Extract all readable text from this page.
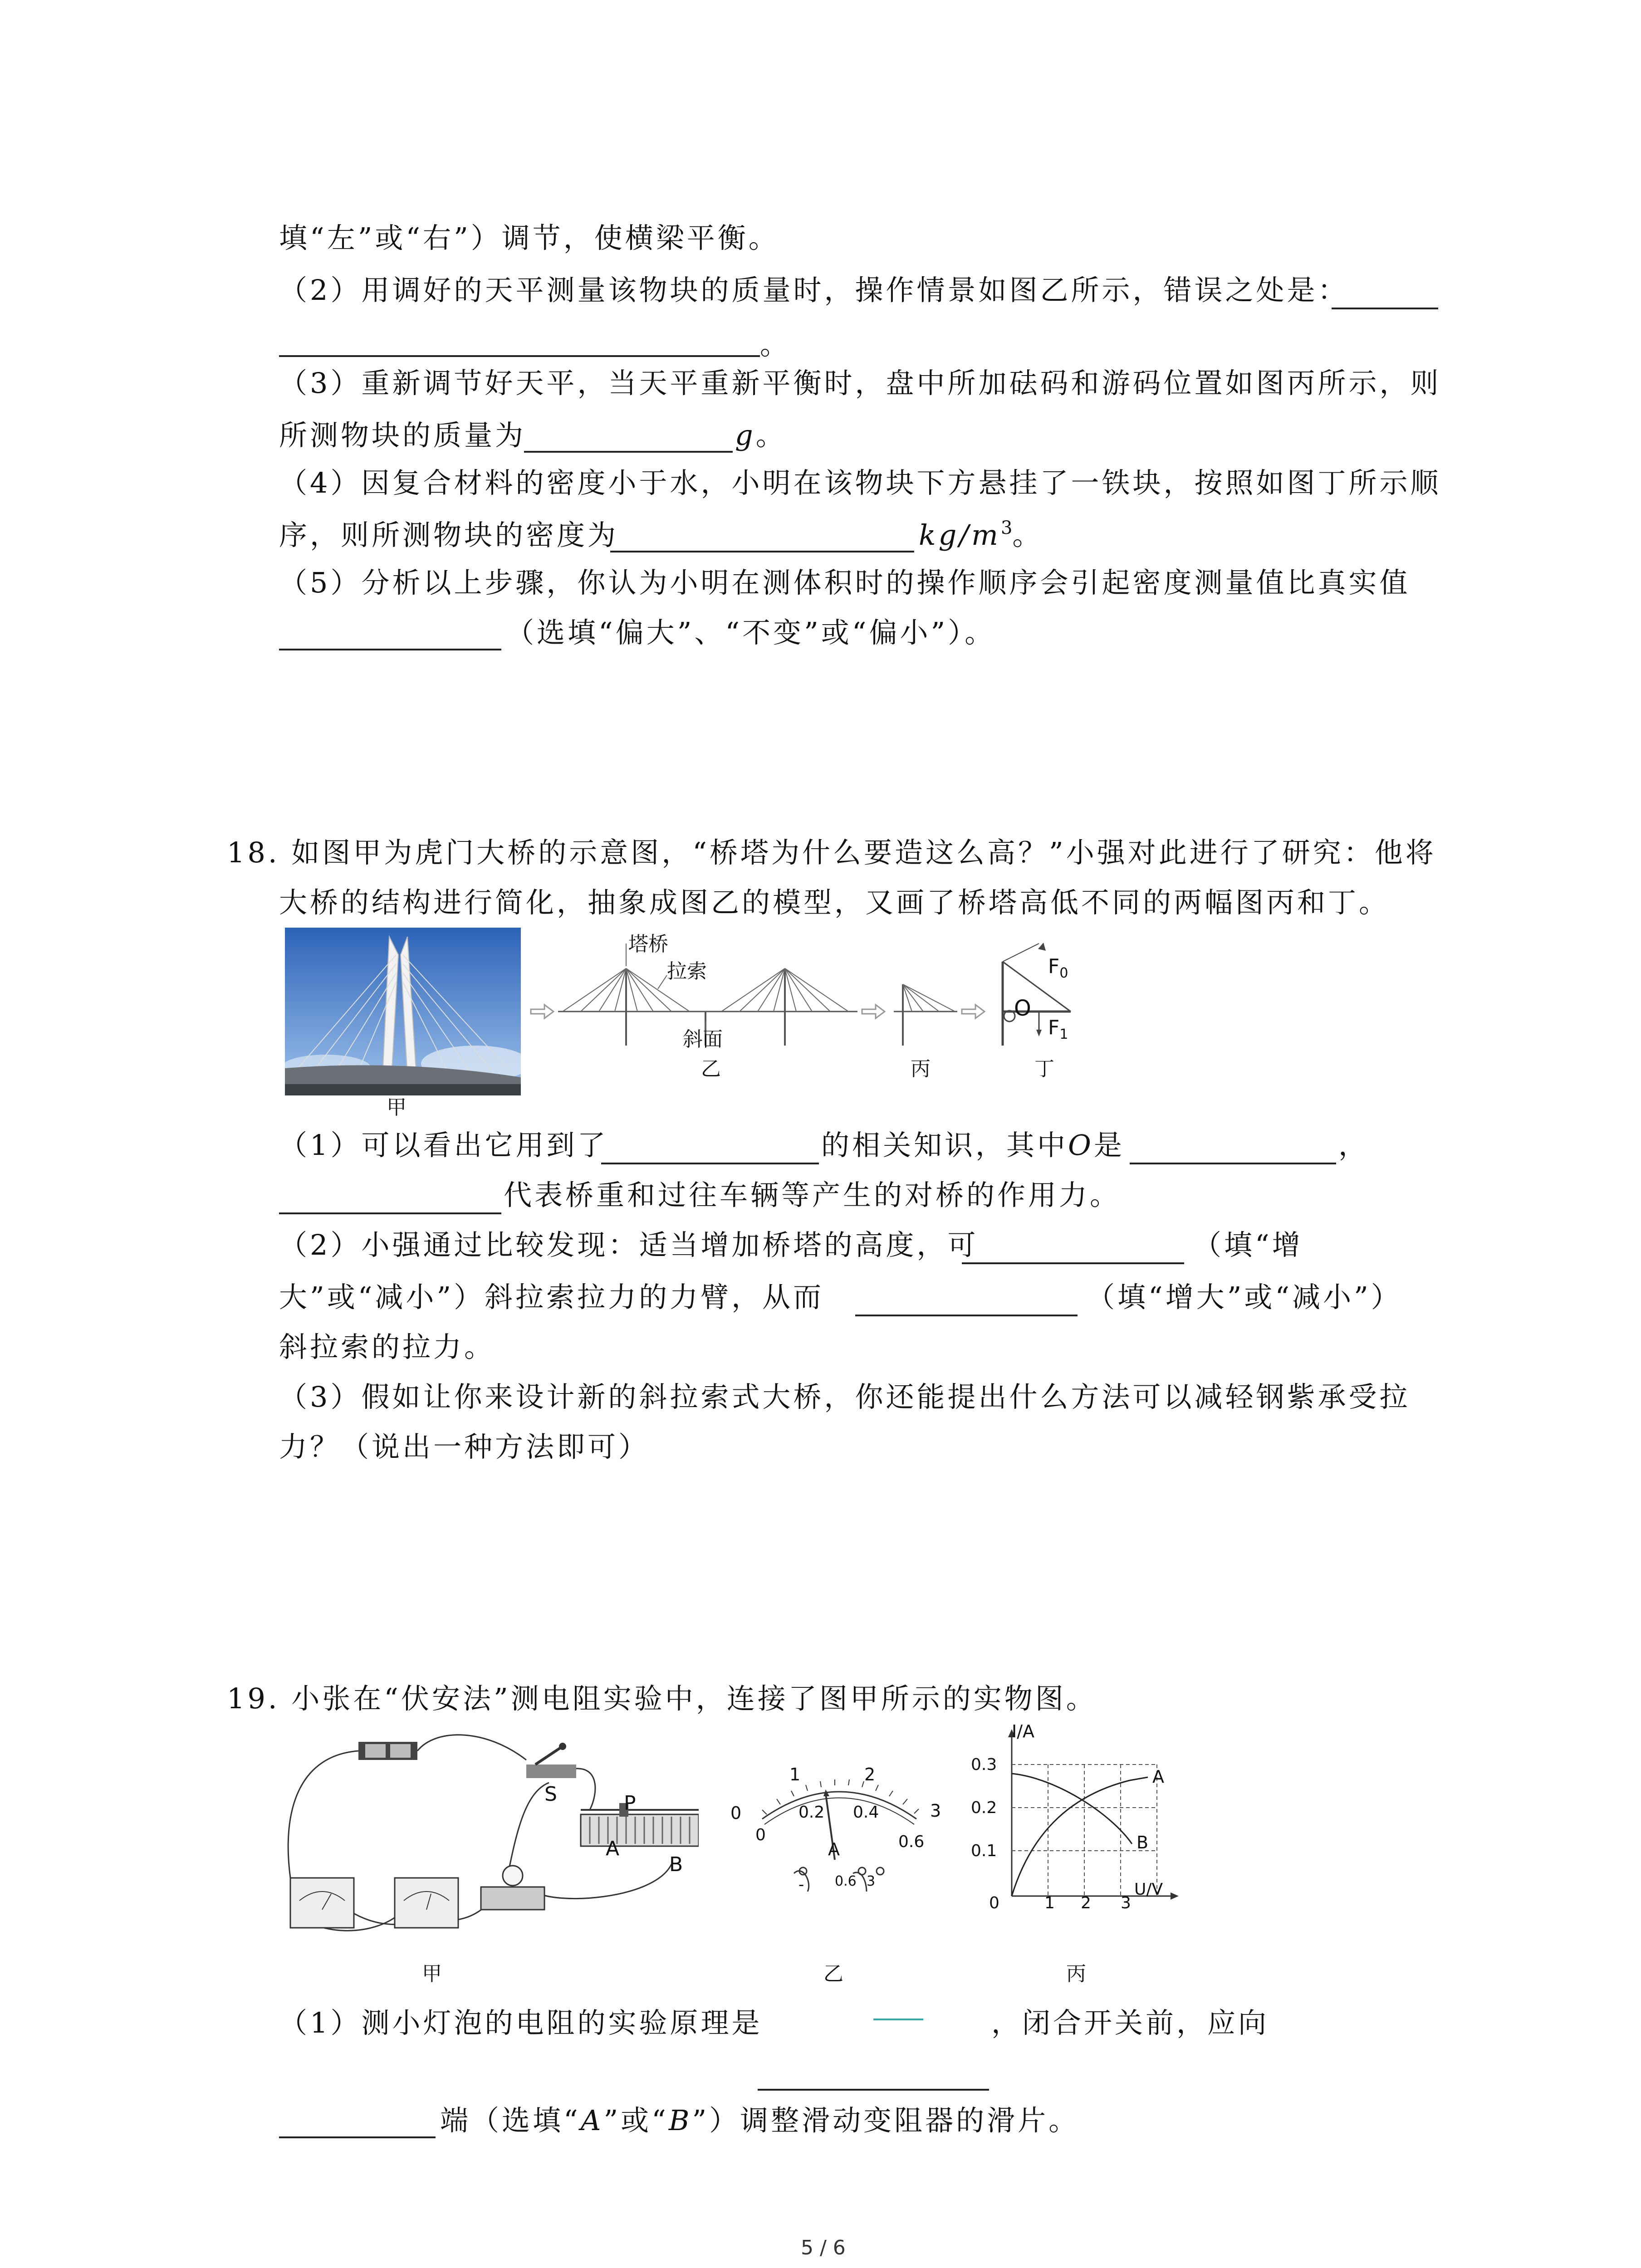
填“左”或“右”）调节，使横梁平衡。
（2）用调好的天平测量该物块的质量时，操作情景如图乙所示，错误之处是：
。
（3）重新调节好天平，当天平重新平衡时，盘中所加砝码和游码位置如图丙所示，则
所测物块的质量为	g。
（4）因复合材料的密度小于水，小明在该物块下方悬挂了一铁块，按照如图丁所示顺
序，则所测物块的密度为	$kg/m^3$。
（5）分析以上步骤，你认为小明在测体积时的操作顺序会引起密度测量值比真实值
（选填“偏大”、“不变”或“偏小”）。
18. 如图甲为虎门大桥的示意图，“桥塔为什么要造这么高？”小强对此进行了研究：他将
大桥的结构进行简化，抽象成图乙的模型，又画了桥塔高低不同的两幅图丙和丁。
甲
塔桥
拉索
斜面
O
$F_0$
$F_1$
乙	丙	丁
（1）可以看出它用到了	的相关知识，其中O是	，
代表桥重和过往车辆等产生的对桥的作用力。
（2）小强通过比较发现：适当增加桥塔的高度，可	（填“增
大”或“减小”）斜拉索拉力的力臂，从而	（填“增大”或“减小”）
斜拉索的拉力。
（3）假如让你来设计新的斜拉索式大桥，你还能提出什么方法可以减轻钢紫承受拉
力？（说出一种方法即可）
19. 小张在“伏安法”测电阻实验中，连接了图甲所示的实物图。
S	P
A
B
甲
1	2
0	3
0
0.2 0.4
0.6
A
- 0.6 3
乙
I/A
0.3
0.2
0.1
0	1 2 3
U/V
A
B
丙
（1）测小灯泡的电阻的实验原理是	，闭合开关前，应向
端（选填“A”或“B”）调整滑动变阻器的滑片。
5 / 6
